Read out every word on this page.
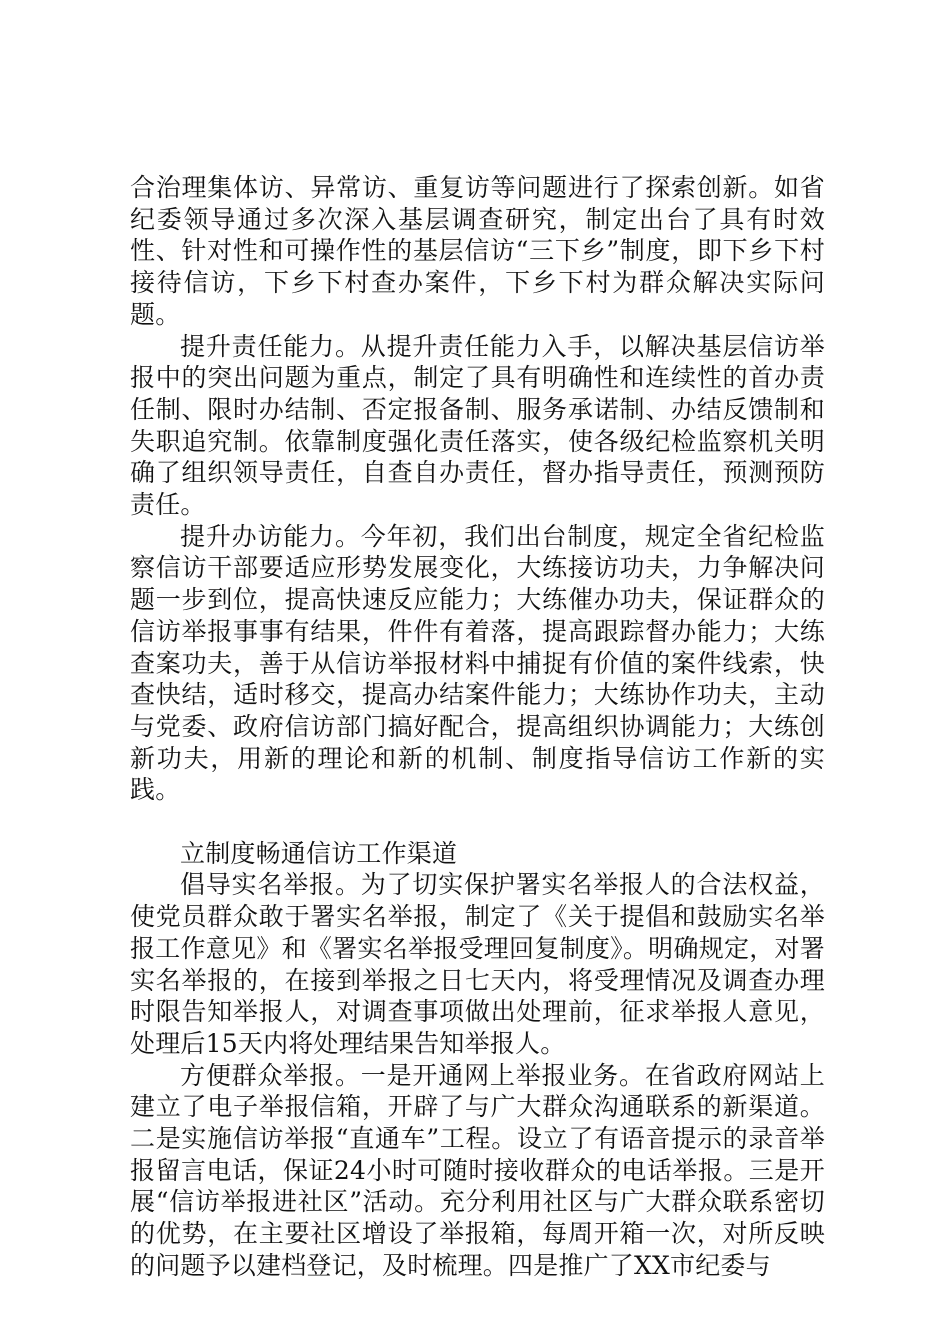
合治理集体访、异常访、重复访等问题进行了探索创新。如省纪委领导通过多次深入基层调查研究，制定出台了具有时效性、针对性和可操作性的基层信访“三下乡”制度，即下乡下村接待信访，下乡下村查办案件，下乡下村为群众解决实际问题。

提升责任能力。从提升责任能力入手，以解决基层信访举报中的突出问题为重点，制定了具有明确性和连续性的首办责任制、限时办结制、否定报备制、服务承诺制、办结反馈制和失职追究制。依靠制度强化责任落实，使各级纪检监察机关明确了组织领导责任，自查自办责任，督办指导责任，预测预防责任。

提升办访能力。今年初，我们出台制度，规定全省纪检监察信访干部要适应形势发展变化，大练接访功夫，力争解决问题一步到位，提高快速反应能力；大练催办功夫，保证群众的信访举报事事有结果，件件有着落，提高跟踪督办能力；大练查案功夫，善于从信访举报材料中捕捉有价值的案件线索，快查快结，适时移交，提高办结案件能力；大练协作功夫，主动与党委、政府信访部门搞好配合，提高组织协调能力；大练创新功夫，用新的理论和新的机制、制度指导信访工作新的实践。

立制度畅通信访工作渠道

倡导实名举报。为了切实保护署实名举报人的合法权益，使党员群众敢于署实名举报，制定了《关于提倡和鼓励实名举报工作意见》和《署实名举报受理回复制度》。明确规定，对署实名举报的，在接到举报之日七天内，将受理情况及调查办理时限告知举报人，对调查事项做出处理前，征求举报人意见，处理后15天内将处理结果告知举报人。

方便群众举报。一是开通网上举报业务。在省政府网站上建立了电子举报信箱，开辟了与广大群众沟通联系的新渠道。二是实施信访举报“直通车”工程。设立了有语音提示的录音举报留言电话，保证24小时可随时接收群众的电话举报。三是开展“信访举报进社区”活动。充分利用社区与广大群众联系密切的优势，在主要社区增设了举报箱，每周开箱一次，对所反映的问题予以建档登记，及时梳理。四是推广了XX市纪委与
